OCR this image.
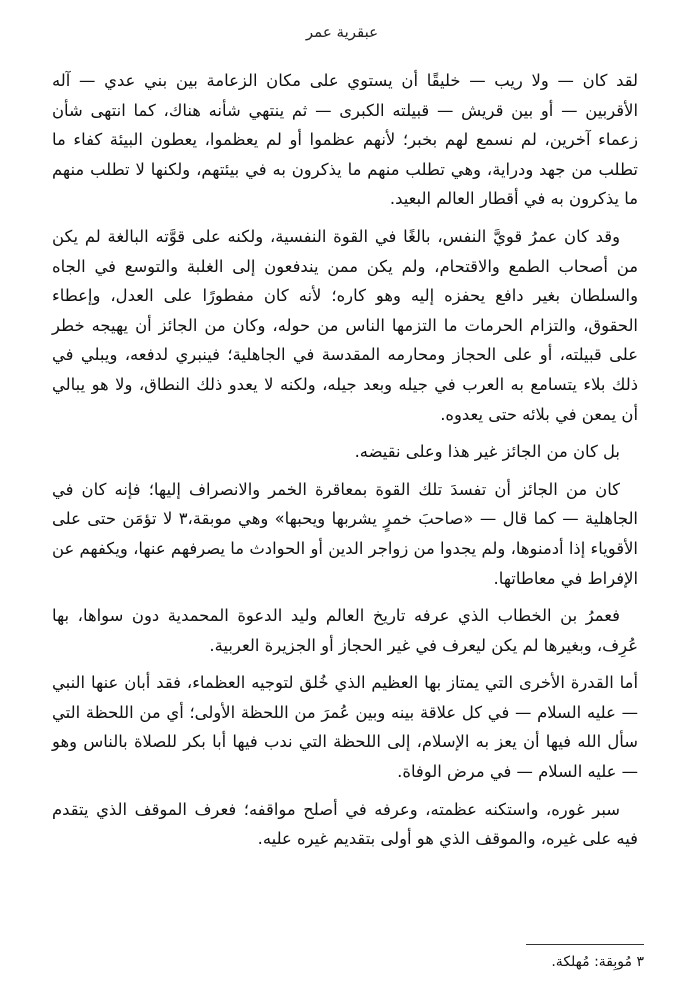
عبقرية عمر

لقد كان — ولا ريب — خليقًا أن يستوي على مكان الزعامة بين بني عدي — آله الأقربين — أو بين قريش — قبيلته الكبرى — ثم ينتهي شأنه هناك، كما انتهى شأن زعماء آخرين، لم نسمع لهم بخبر؛ لأنهم عظموا أو لم يعظموا، يعطون البيئة كفاء ما تطلب من جهد ودراية، وهي تطلب منهم ما يذكرون به في بيئتهم، ولكنها لا تطلب منهم ما يذكرون به في أقطار العالم البعيد.

وقد كان عمرُ قويَّ النفس، بالغًا في القوة النفسية، ولكنه على قوَّته البالغة لم يكن من أصحاب الطمع والاقتحام، ولم يكن ممن يندفعون إلى الغلبة والتوسع في الجاه والسلطان بغير دافع يحفزه إليه وهو كاره؛ لأنه كان مفطورًا على العدل، وإعطاء الحقوق، والتزام الحرمات ما التزمها الناس من حوله، وكان من الجائز أن يهيجه خطر على قبيلته، أو على الحجاز ومحارمه المقدسة في الجاهلية؛ فينبري لدفعه، ويبلي في ذلك بلاء يتسامع به العرب في جيله وبعد جيله، ولكنه لا يعدو ذلك النطاق، ولا هو يبالي أن يمعن في بلائه حتى يعدوه.

بل كان من الجائز غير هذا وعلى نقيضه.

كان من الجائز أن تفسدَ تلك القوة بمعاقرة الخمر والانصراف إليها؛ فإنه كان في الجاهلية — كما قال — «صاحبَ خمرٍ يشربها ويحبها» وهي موبقة،٣ لا تؤمَن حتى على الأقوياء إذا أدمنوها، ولم يجدوا من زواجر الدين أو الحوادث ما يصرفهم عنها، ويكفهم عن الإفراط في معاطاتها.

فعمرُ بن الخطاب الذي عرفه تاريخ العالم وليد الدعوة المحمدية دون سواها، بها عُرِف، وبغيرها لم يكن ليعرف في غير الحجاز أو الجزيرة العربية.

أما القدرة الأخرى التي يمتاز بها العظيم الذي خُلق لتوجيه العظماء، فقد أبان عنها النبي — عليه السلام — في كل علاقة بينه وبين عُمرَ من اللحظة الأولى؛ أي من اللحظة التي سأل الله فيها أن يعز به الإسلام، إلى اللحظة التي ندب فيها أبا بكر للصلاة بالناس وهو — عليه السلام — في مرض الوفاة.

سبر غوره، واستكنه عظمته، وعرفه في أصلح مواقفه؛ فعرف الموقف الذي يتقدم فيه على غيره، والموقف الذي هو أولى بتقديم غيره عليه.

٣ مُوبِقة: مُهلكة.
